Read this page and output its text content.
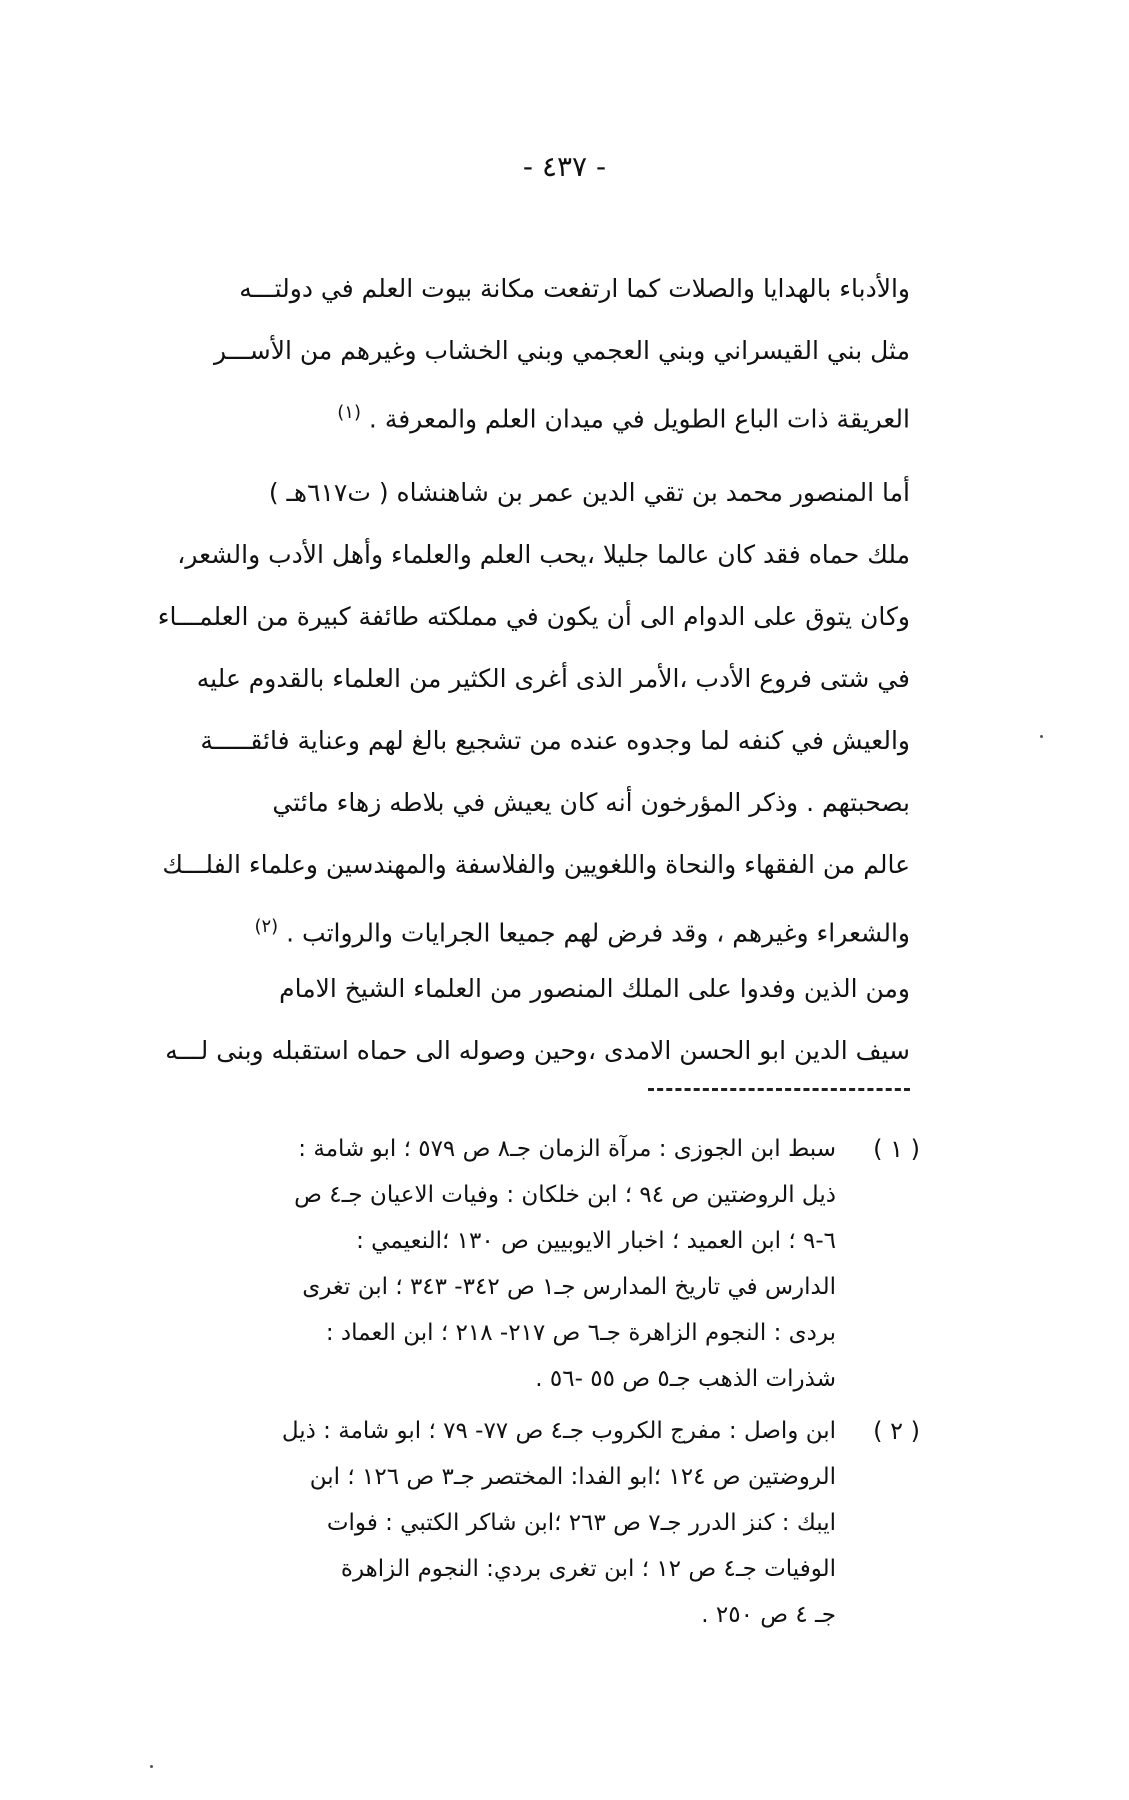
- ٤٣٧ -
والأدباء بالهدايا والصلات كما ارتفعت مكانة بيوت العلم في دولتـــه
مثل بني القيسراني وبني العجمي وبني الخشاب وغيرهم من الأســـر
العريقة ذات الباع الطويل في ميدان العلم والمعرفة . $^{(١)}$
أما المنصور محمد بن تقي الدين عمر بن شاهنشاه ( ت٦١٧هـ )
ملك حماه فقد كان عالما جليلا ،يحب العلم والعلماء وأهل الأدب والشعر،
وكان يتوق على الدوام الى أن يكون في مملكته طائفة كبيرة من العلمـــاء
في شتى فروع الأدب ،الأمر الذى أغرى الكثير من العلماء بالقدوم عليه
والعيش في كنفه لما وجدوه عنده من تشجيع بالغ لهم وعناية فائقـــــة
بصحبتهم . وذكر المؤرخون أنه كان يعيش في بلاطه زهاء مائتي
عالم من الفقهاء والنحاة واللغويين والفلاسفة والمهندسين وعلماء الفلـــك
والشعراء وغيرهم ، وقد فرض لهم جميعا الجرايات والرواتب . $^{(٢)}$
ومن الذين وفدوا على الملك المنصور من العلماء الشيخ الامام
سيف الدين ابو الحسن الامدى ،وحين وصوله الى حماه استقبله وبنى لـــه
( ١ )
سبط ابن الجوزى : مرآة الزمان جـ٨ ص ٥٧٩ ؛ ابو شامة :
ذيل الروضتين ص ٩٤ ؛ ابن خلكان : وفيات الاعيان جـ٤ ص
٦-٩ ؛ ابن العميد ؛ اخبار الايوبيين ص ١٣٠ ؛النعيمي :
الدارس في تاريخ المدارس جـ١ ص ٣٤٢- ٣٤٣ ؛ ابن تغرى
بردى : النجوم الزاهرة جـ٦ ص ٢١٧- ٢١٨ ؛ ابن العماد :
شذرات الذهب جـ٥ ص ٥٥ -٥٦ .
( ٢ )
ابن واصل : مفرج الكروب جـ٤ ص ٧٧- ٧٩ ؛ ابو شامة : ذيل
الروضتين ص ١٢٤ ؛ابو الفدا: المختصر جـ٣ ص ١٢٦ ؛ ابن
ايبك : كنز الدرر جـ٧ ص ٢٦٣ ؛ابن شاكر الكتبي : فوات
الوفيات جـ٤ ص ١٢ ؛ ابن تغرى بردي: النجوم الزاهرة
جـ ٤ ص ٢٥٠ .
